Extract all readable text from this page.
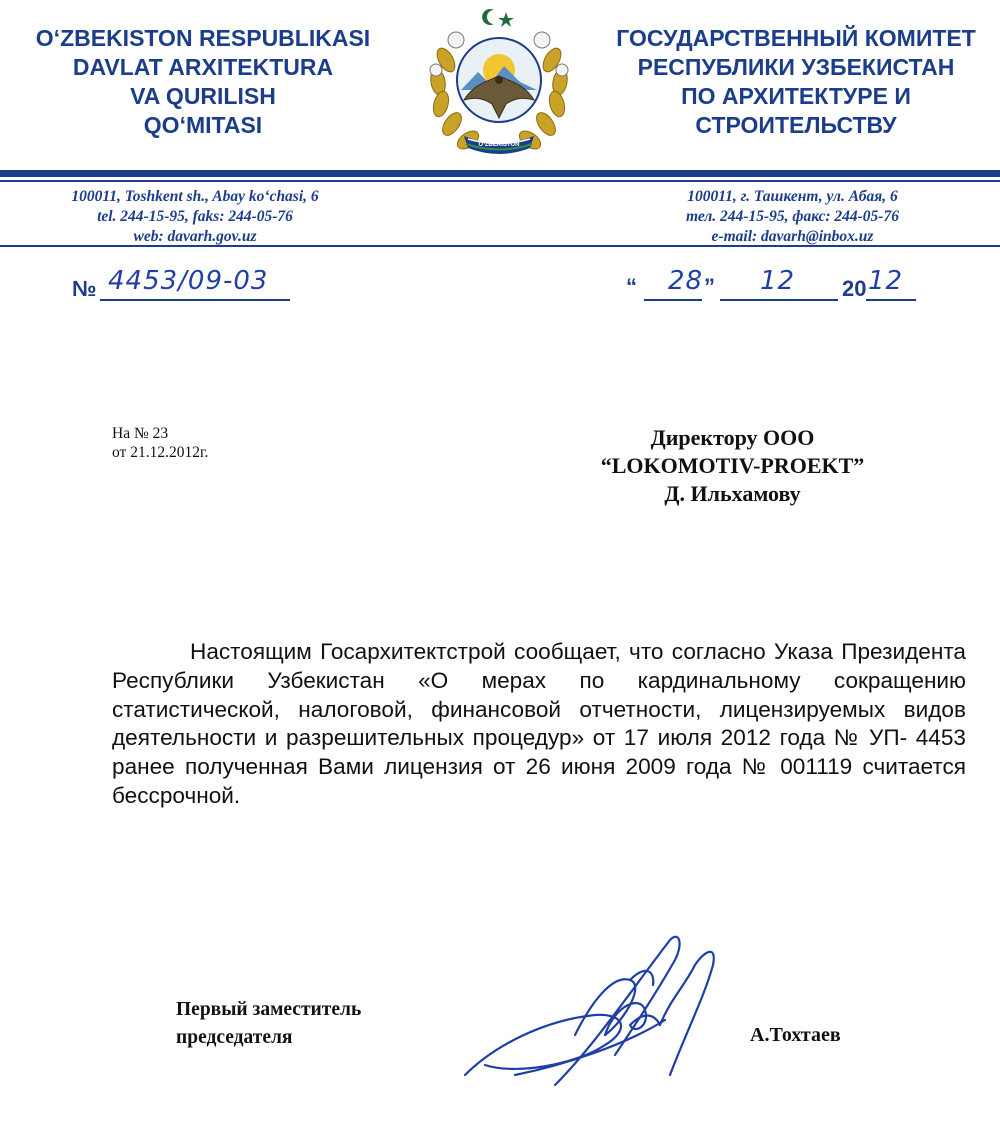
O‘ZBEKISTON RESPUBLIKASI
DAVLAT ARXITEKTURA
VA QURILISH
QO‘MITASI
O‘ZBEKISTON
ГОСУДАРСТВЕННЫЙ КОМИТЕТ
РЕСПУБЛИКИ УЗБЕКИСТАН
ПО АРХИТЕКТУРЕ И
СТРОИТЕЛЬСТВУ
100011, Toshkent sh., Abay ko‘chasi, 6
tel. 244-15-95, faks: 244-05-76
web: davarh.gov.uz
100011, г. Ташкент, ул. Абая, 6
тел. 244-15-95, факс: 244-05-76
e-mail: davarh@inbox.uz
№ 4453/09-03	“ 28 ” 12 20 12
На № 23
от 21.12.2012г.
Директору ООО
“LOKOMOTIV-PROEKT”
Д. Ильхамову
Настоящим Госархитектстрой сообщает, что согласно Указа Президента Республики Узбекистан «О мерах по кардинальному сокращению статистической, налоговой, финансовой отчетности, лицензируемых видов деятельности и разрешительных процедур» от 17 июля 2012 года № УП- 4453 ранее полученная Вами лицензия от 26 июня 2009 года № 001119 считается бессрочной.
Первый заместитель
председателя	А.Тохтаев
